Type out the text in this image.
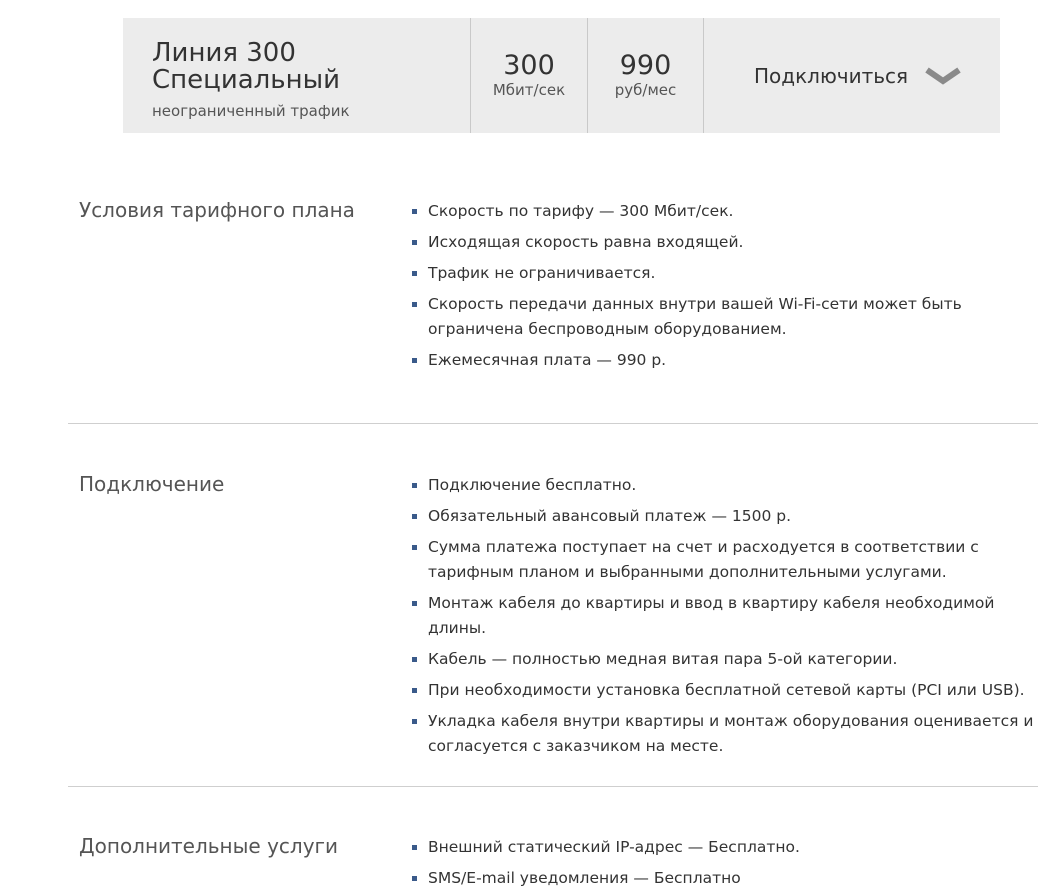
Линия 300
Специальный
неограниченный трафик
300
Мбит/сек
990
руб/мес
Подключиться
Условия тарифного плана	Скорость по тарифу — 300 Мбит/сек.
Исходящая скорость равна входящей.
Трафик не ограничивается.
Скорость передачи данных внутри вашей Wi-Fi-сети может быть ограничена беспроводным оборудованием.
Ежемесячная плата — 990 р.
Подключение	Подключение бесплатно.
Обязательный авансовый платеж — 1500 р.
Сумма платежа поступает на счет и расходуется в соответствии с тарифным планом и выбранными дополнительными услугами.
Монтаж кабеля до квартиры и ввод в квартиру кабеля необходимой длины.
Кабель — полностью медная витая пара 5-ой категории.
При необходимости установка бесплатной сетевой карты (PCI или USB).
Укладка кабеля внутри квартиры и монтаж оборудования оценивается и согласуется с заказчиком на месте.
Дополнительные услуги	Внешний статический IP-адрес — Бесплатно.
SMS/E-mail уведомления — Бесплатно
